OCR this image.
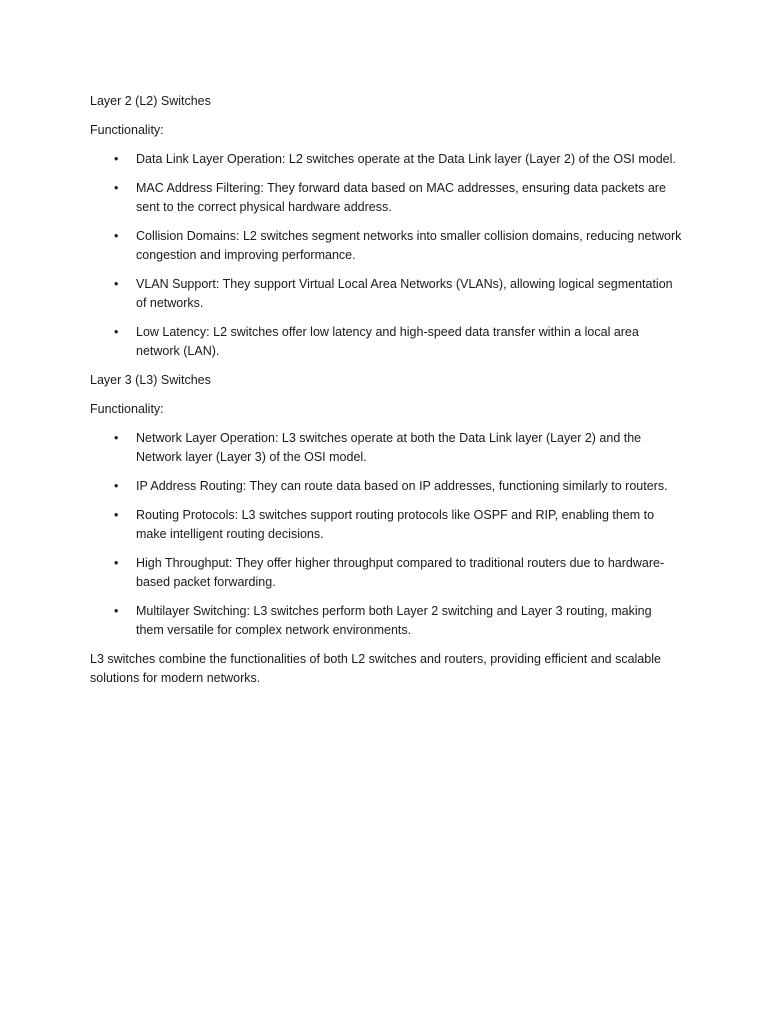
Layer 2 (L2) Switches

Functionality:

• Data Link Layer Operation: L2 switches operate at the Data Link layer (Layer 2) of the OSI model.
• MAC Address Filtering: They forward data based on MAC addresses, ensuring data packets are sent to the correct physical hardware address.
• Collision Domains: L2 switches segment networks into smaller collision domains, reducing network congestion and improving performance.
• VLAN Support: They support Virtual Local Area Networks (VLANs), allowing logical segmentation of networks.
• Low Latency: L2 switches offer low latency and high-speed data transfer within a local area network (LAN).

Layer 3 (L3) Switches

Functionality:

• Network Layer Operation: L3 switches operate at both the Data Link layer (Layer 2) and the Network layer (Layer 3) of the OSI model.
• IP Address Routing: They can route data based on IP addresses, functioning similarly to routers.
• Routing Protocols: L3 switches support routing protocols like OSPF and RIP, enabling them to make intelligent routing decisions.
• High Throughput: They offer higher throughput compared to traditional routers due to hardware-based packet forwarding.
• Multilayer Switching: L3 switches perform both Layer 2 switching and Layer 3 routing, making them versatile for complex network environments.

L3 switches combine the functionalities of both L2 switches and routers, providing efficient and scalable solutions for modern networks.
